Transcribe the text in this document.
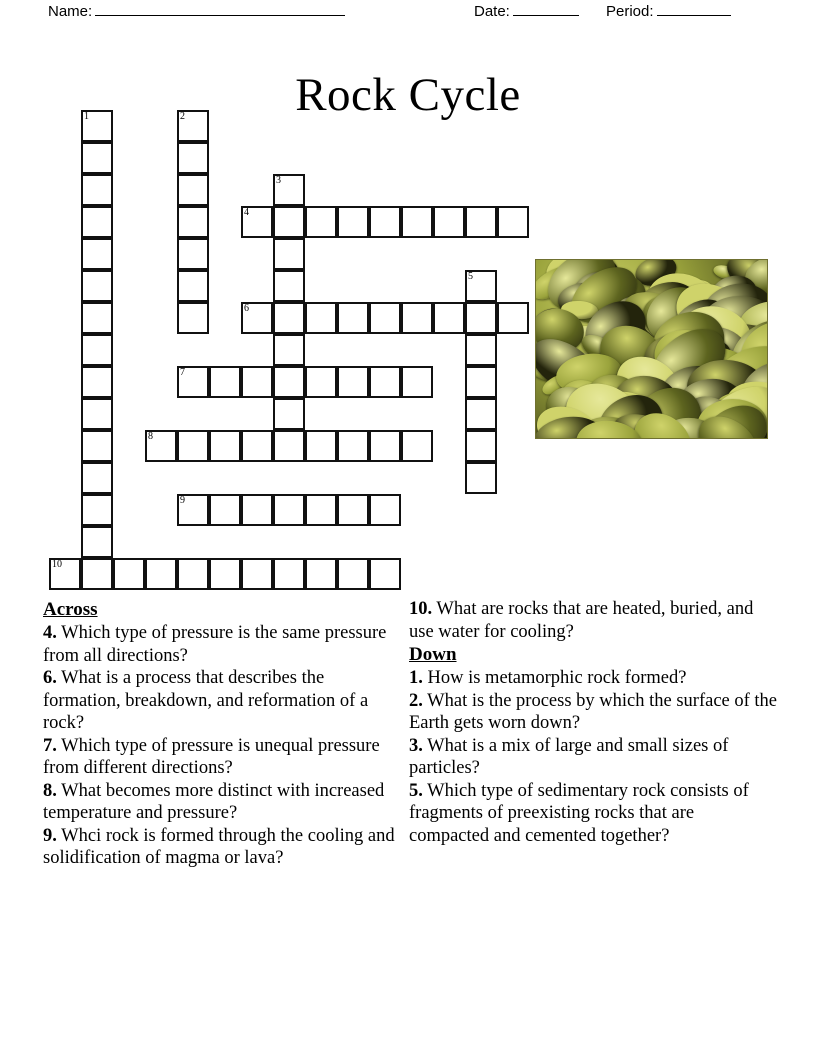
Name:	Date:	Period:
Rock Cycle
1	2
3
4
5
6
7
8
9
10
Across

4. Which type of pressure is the same pressure from all directions?

6. What is a process that describes the formation, breakdown, and reformation of a rock?

7. Which type of pressure is unequal pressure from different directions?

8. What becomes more distinct with increased temperature and pressure?

9. Whci rock is formed through the cooling and solidification of magma or lava?

10. What are rocks that are heated, buried, and use water for cooling?

Down

1. How is metamorphic rock formed?

2. What is the process by which the surface of the Earth gets worn down?

3. What is a mix of large and small sizes of particles?

5. Which type of sedimentary rock consists of fragments of preexisting rocks that are compacted and cemented together?
